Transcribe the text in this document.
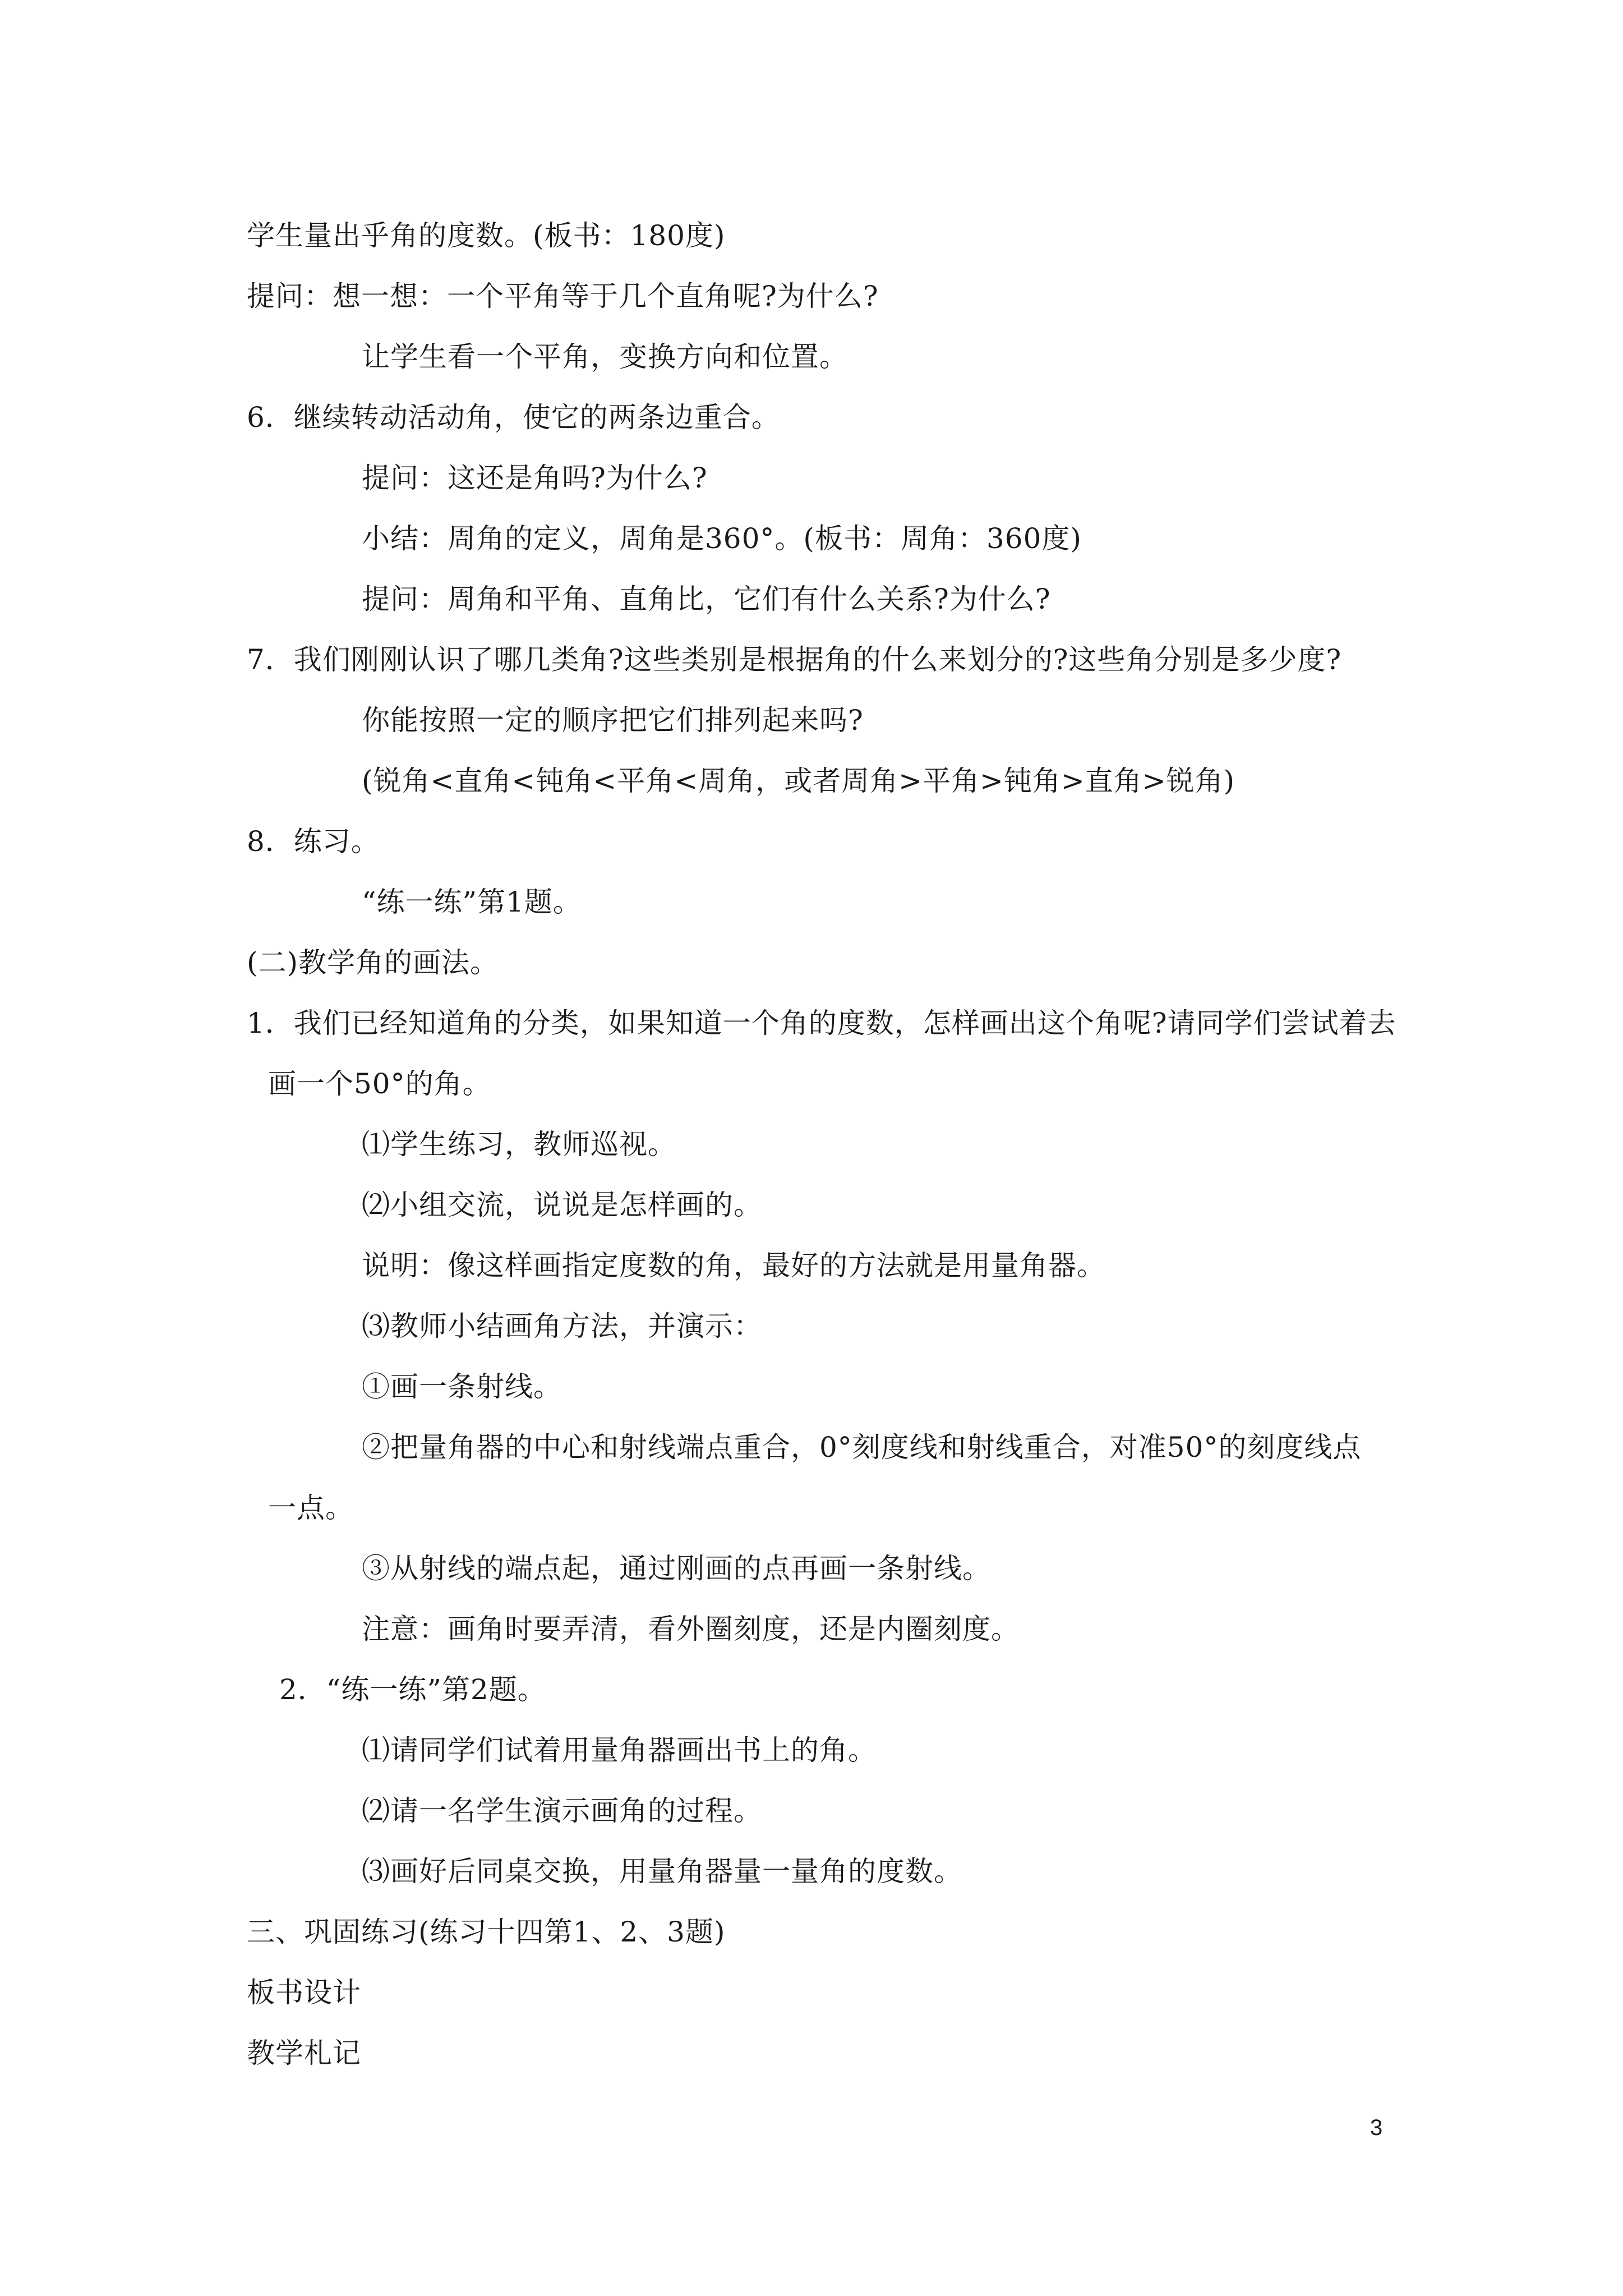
学生量出乎角的度数。(板书：180度)
提问：想一想：一个平角等于几个直角呢?为什么?
让学生看一个平角，变换方向和位置。
6．继续转动活动角，使它的两条边重合。
提问：这还是角吗?为什么?
小结：周角的定义，周角是360°。(板书：周角：360度)
提问：周角和平角、直角比，它们有什么关系?为什么?
7．我们刚刚认识了哪几类角?这些类别是根据角的什么来划分的?这些角分别是多少度?
你能按照一定的顺序把它们排列起来吗?
(锐角<直角<钝角<平角<周角，或者周角>平角>钝角>直角>锐角)
8．练习。
“练一练”第1题。
(二)教学角的画法。
1．我们已经知道角的分类，如果知道一个角的度数，怎样画出这个角呢?请同学们尝试着去
画一个50°的角。
⑴学生练习，教师巡视。
⑵小组交流，说说是怎样画的。
说明：像这样画指定度数的角，最好的方法就是用量角器。
⑶教师小结画角方法，并演示：
①画一条射线。
②把量角器的中心和射线端点重合，0°刻度线和射线重合，对准50°的刻度线点
一点。
③从射线的端点起，通过刚画的点再画一条射线。
注意：画角时要弄清，看外圈刻度，还是内圈刻度。
2．“练一练”第2题。
⑴请同学们试着用量角器画出书上的角。
⑵请一名学生演示画角的过程。
⑶画好后同桌交换，用量角器量一量角的度数。
三、巩固练习(练习十四第1、2、3题)
板书设计
教学札记
3
